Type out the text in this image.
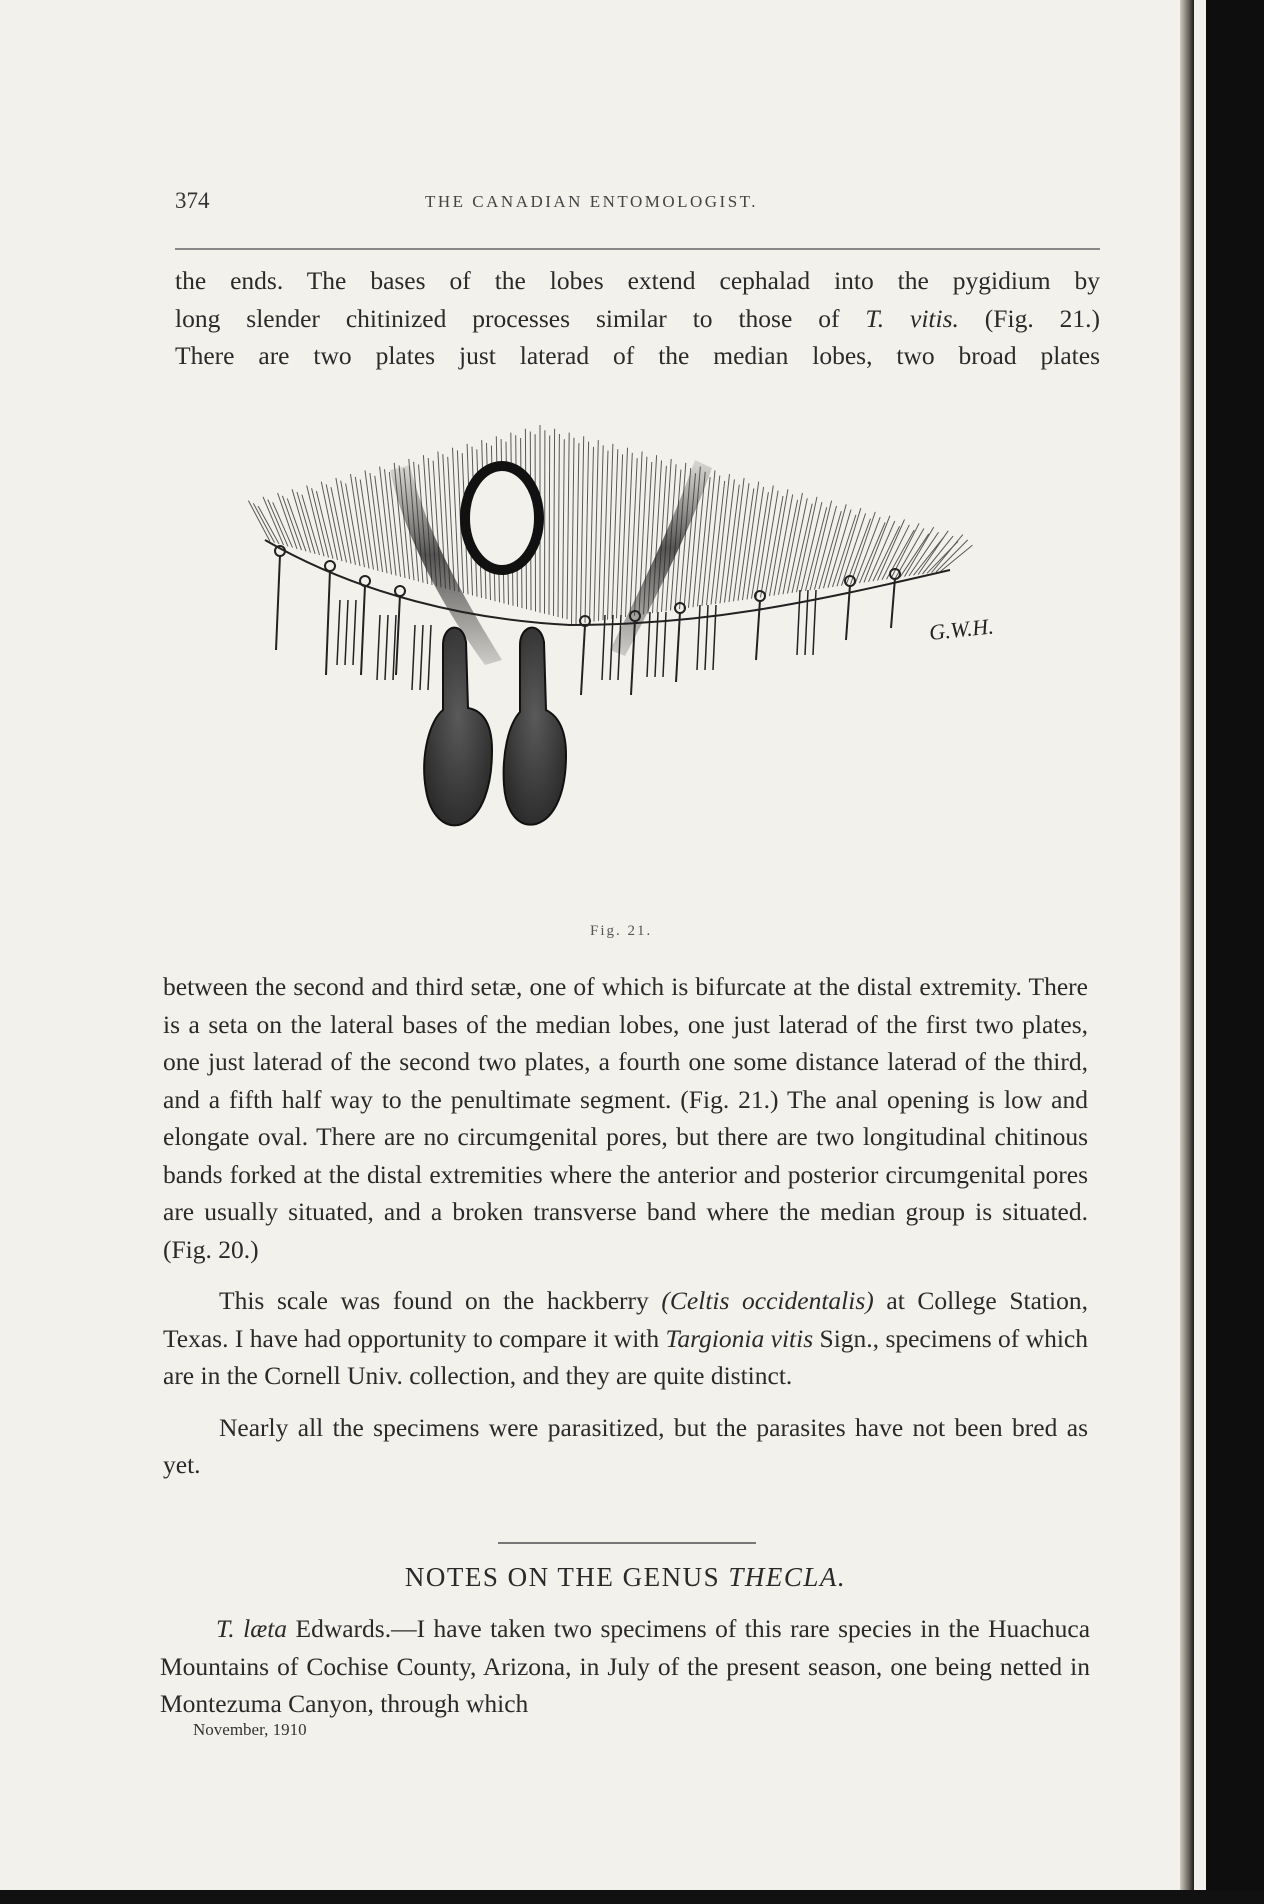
374	THE CANADIAN ENTOMOLOGIST.
the ends. The bases of the lobes extend cephalad into the pygidium by
long slender chitinized processes similar to those of T. vitis. (Fig. 21.)
There are two plates just laterad of the median lobes, two broad plates
G.W.H.
Fig. 21.

between the second and third setæ, one of which is bifurcate at the distal extremity. There is a seta on the lateral bases of the median lobes, one just laterad of the first two plates, one just laterad of the second two plates, a fourth one some distance laterad of the third, and a fifth half way to the penultimate segment. (Fig. 21.) The anal opening is low and elongate oval. There are no circumgenital pores, but there are two longitudinal chitinous bands forked at the distal extremities where the anterior and posterior circumgenital pores are usually situated, and a broken transverse band where the median group is situated. (Fig. 20.)

This scale was found on the hackberry (Celtis occidentalis) at College Station, Texas. I have had opportunity to compare it with Targionia vitis Sign., specimens of which are in the Cornell Univ. collection, and they are quite distinct.

Nearly all the specimens were parasitized, but the parasites have not been bred as yet.

NOTES ON THE GENUS THECLA.
T. læta Edwards.—I have taken two specimens of this rare species in the Huachuca Mountains of Cochise County, Arizona, in July of the present season, one being netted in Montezuma Canyon, through which
November, 1910
